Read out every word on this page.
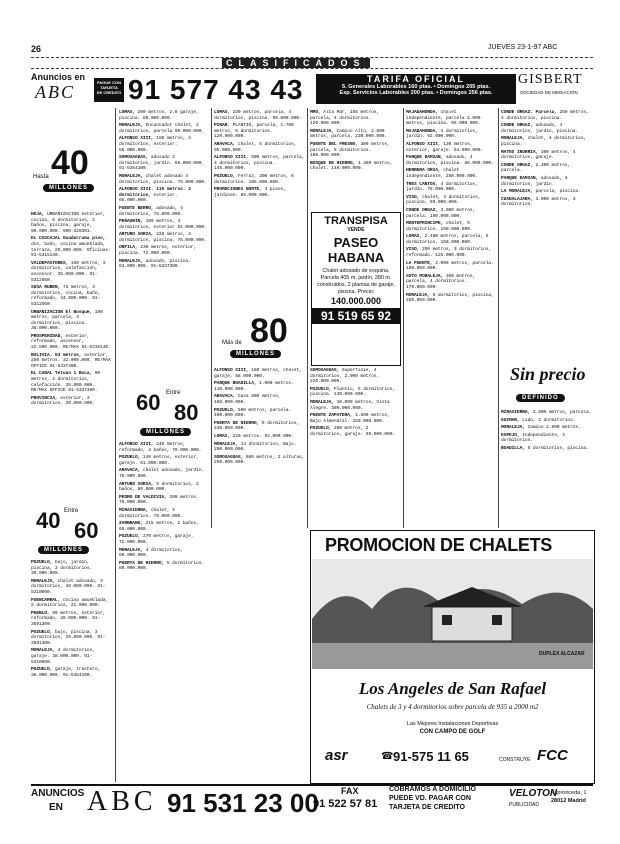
26
CLASIFICADOS
JUEVES 23-1-97 ABC
Anuncios en
ABC	PAGUE CON TARJETA
DE CREDITO 91 577 43 43	TARIFA OFICIAL
5. Generales Laborables 160 ptas. • Domingos 205 ptas.
Esp. Servicios Laborables 200 ptas. • Domingos 256 ptas.
GISBERT
SOCIEDAD DE MEDIACIÓN
Hasta 40
MILLONES
Más de 80
MILLONES
Entre
60 80
MILLONES
Entre
40 60
MILLONES
Sin precio
DEFINIDO
TRANSPISA
VENDE
PASEO
HABANA
Chalet adosado de esquina. Parcela 405 m. jardín, 280 m. construidos, 2 plantas de garaje, piscina. Precio:
140.000.000
91 519 65 92
PROMOCION DE CHALETS
DUPLEX ALCAZAR
Los Angeles de San Rafael
Chalets de 3 y 4 dormitorios sobre parcela de 935 a 2000 m2
Las Mejores Instalaciones Deportivas
CON CAMPO DE GOLF
asr	☎ 91-575 11 65	CONSTRUYE FCC

HOJA, URBANIZACIÓN exterior, cocina, 5 dormitorios, 2 baños, piscina, garaje, 90.000.000. 900-320301.

EL CASCAJAL Guadarrama piso, dos, baño, cocina amueblada, terraza, 29.000.000. Oficinas: 91-5315140.

VALDEPASTORES, 150 metros, 3 dormitorios, calefacción, ascensor. 35.000.000. 91-5312560.

SUSA RUBEN, 73 metros, 3 dormitorios, cocina, baño, reformado, 34.000.000. 91-5312560.

URBANIZACION El Bosque, 180 metros, parcela, 3 dormitorios, piscina. 38.000.000.

PROSPERIDAD, exterior, reformado, ascensor, 22.500.000. RE/MAX 91-5315140.

BOLIVIA. 93 metros, exterior, 250 metros. 32.000.000. RE/MAX OFFICE 91-5337300.

EL CANAL Tetuan 1 Boca, 90 metros, 2 dormitorios, calefacción. 35.000.000. RE/MAX OFFICE 91-5337300.

PROVINCIA, exterior, 3 dormitorios. 30.000.000.

POZUELO, bajo, jardín, piscina, 3 dormitorios. 39.000.000.

MORALEJA, chalet adosado, 4 dormitorios, 38.000.000. 91-5310600.

FUENCARRAL, cocina amueblada, 2 dormitorios, 21.000.000.

PUEBLO, 90 metros, exterior, reformado, 26.000.000. 91-3591300.

POZUELO, bajo, piscina, 3 dormitorios, 39.000.000. 91-3591300.

MORALEJA, 4 dormitorios, garaje. 38.000.000. 91-5310600.

POZUELO, garaje, trastero, 36.000.000. 91-5354100.

LOMAS, 200 metros, 2.8 garaje, piscina. 80.000.000.

MORALEJA, Encantador chalet, 4 dormitorios, parcela 90.000.000.

ALFONSO XIII, 150 metros, 3 dormitorios, exterior. 55.000.000.

SOMOSAGUAS, adosado 3 dormitorios, jardín. 68.000.000. 91-5354100.

MORALEJA, chalet adosado 4 dormitorios, piscina. 75.000.000.

ALFONSO XIII. 115 metros. 3 dormitorios, exterior. 65.000.000.

FUENTE BERRO, adosado, 4 dormitorios, 78.000.000.

PERAGRIN, 100 metros, 4 dormitorios, exterior 51.000.000.

ARTURO SORIA, 220 metros, 4 dormitorios, piscina. 75.000.000.

ORFILA, 230 metros, exterior, piscina. 72.000.000.

MORALEJA, adosado, piscina. 63.000.000. 91-5337300.

ALFONSO XIII, 240 metros, reformado, 3 baños, 70.000.000.

POZUELO, 140 metros, exterior, garaje. 61.000.000.

ARAVACA, chalet adosado, jardín. 70.000.000.

ARTURO SORIA, 5 dormitorios, 2 baños, 80.000.000.

PEDRO DE VALDIVIA, 200 metros. 78.000.000.

MIRASIERRA, chalet, 4 dormitorios. 76.000.000.

ZAMBRANO, 215 metros, 2 baños, 65.000.000.

POZUELO, 270 metros, garaje. 72.000.000.

MORALEJA, 4 dormitorios, 69.000.000.

PUERTA DE HIERRO, 5 dormitorios. 80.000.000.

LOMAS, 230 metros, parcela, 4 dormitorios, piscina. 90.000.000.

PINAR, PLANTIO, parcela, 1.700 metros, 6 dormitorios. 120.000.000.

ARAVACA, chalet, 5 dormitorios, 95.000.000.

ALFONSO XIII, 500 metros, parcela, 4 dormitorios, piscina. 145.000.000.

POZUELO, Ferraz, 300 metros, 6 dormitorios. 105.000.000.

PROMOCIONES NORTE, 4 pisos, jardines. 85.000.000.

ALFONSO XIII, 180 metros, chalet, garaje, 88.000.000.

PARQUE BOADILLA, 1.000 metros. 110.000.000.

ARAVACA, Casa 600 metros, 160.000.000.

POZUELO, 500 metros, parcela. 100.000.000.

PUERTA DE HIERRO, 5 dormitorios, 240.000.000.

LOMAS, 220 metros. 92.000.000.

MORALEJA, 14 dormitorios, Bajo. 200.000.000.

SOMOSAGUAS, 680 metros, 2 alturas, 250.000.000.

MMO, Alta Mar, 155 metros, parcela, 4 dormitorios. 120.000.000.

MORALEJA, Camino Alto, 2.800 metros, parcela. 230.000.000.

PUENTE DEL FRESNO, 300 metros, parcela, 5 dormitorios. 180.000.000.

BOSQUE DE HIERRO, 1.460 metros, chalet. 140.000.000.

SOMOSAGUAS, Superficie, 4 dormitorios, 2.000 metros. 220.000.000.

POZUELO, Plantío, 5 dormitorios, piscina. 130.000.000.

MORALEJA, 10.000 metros, Vista Alegre. 300.000.000.

PUENTE ZAPATERA, 1.500 metros, Bajo Almendral. 150.000.000.

POZUELO, 200 metros, 2 dormitorios, garaje. 95.000.000.

MAJADAHONDA, chalet independiente, parcela 1.000 metros, piscina. 95.000.000.

MAJADAHONDA, 3 dormitorios, jardín. 92.000.000.

ALFONSO XIII, 130 metros, exterior, garaje. 54.000.000.

PARQUE DAMIAN, adosado, 4 dormitorios, piscina. 88.000.000.

HERRERA ORIA, chalet independiente, 250.000.000.

TRES CANTOS, 4 dormitorios, jardín. 78.000.000.

VISO, chalet, 4 dormitorios, piscina. 95.000.000.

CONDE ORGAZ, 3.000 metros, parcela. 190.000.000.

MONTEPRINCIPE, chalet, 5 dormitorios. 160.000.000.

LOMAS, 2.400 metros, parcela, 5 dormitorios. 150.000.000.

VISO, 250 metros, 3 dormitorios, reformado. 125.000.000.

LA PUENTE, 2.000 metros, parcela. 180.000.000.

SOTO MORALEJA, 360 metros, parcela, 4 dormitorios. 170.000.000.

MORALEJA, 5 dormitorios, piscina, 250.000.000.

CONDE ORGAZ. Parcela, 250 metros, 4 dormitorios, piscina.

CONDE ORGAZ, adosado, 4 dormitorios, jardín, piscina.

MORALEJA, chalet, 4 dormitorios, piscina.

MATEO INURRIA, 200 metros, 4 dormitorios, garaje.

CONDE ORGAZ, 2.300 metros, parcela.

PARQUE DAMIAN, adosado, 4 dormitorios, jardín.

LA MORALEJA, parcela, piscina.

CUADALAJARA, 3.000 metros, 3 dormitorios.

MIRASIERRA, 2.600 metros, parcela.

GUIMAR, Lido, 2 dormitorios.

MORALEJA, Camino 2.000 metros.

ESPEJO, Independiente, 3 dormitorios.

BOADILLA, 5 dormitorios, piscina.

ANUNCIOS
EN ABC 91 531 23 00 FAX
91 522 57 81
COBRAMOS A DOMICILIO
PUEDE VD. PAGAR CON
TARJETA DE CREDITO
VELOTON
PUBLICIDAD
Espronceda, 1
28012 Madrid
